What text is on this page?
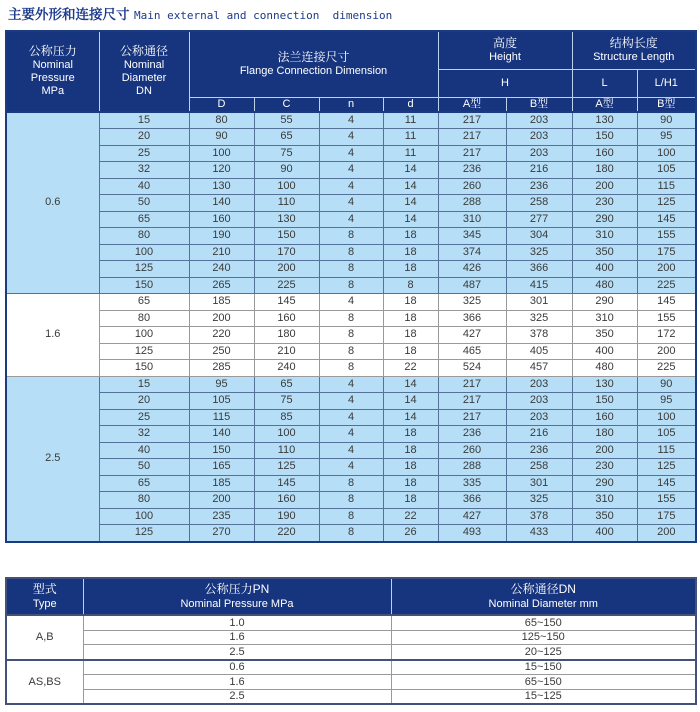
主要外形和连接尺寸 Main external and connection  dimension
公称压力
Nominal
Pressure
MPa	公称通径
Nominal
Diameter
DN	法兰连接尺寸
Flange Connection Dimension				高度
Height		结构长度
Structure Length	
						H		L	L/H1
		D	C	n	d	A型	B型	A型	B型
0.6	15	80	55	4	11	217	203	130	90
	20	90	65	4	11	217	203	150	95
	25	100	75	4	11	217	203	160	100
	32	120	90	4	14	236	216	180	105
	40	130	100	4	14	260	236	200	115
	50	140	110	4	14	288	258	230	125
	65	160	130	4	14	310	277	290	145
	80	190	150	8	18	345	304	310	155
	100	210	170	8	18	374	325	350	175
	125	240	200	8	18	426	366	400	200
	150	265	225	8	8	487	415	480	225
1.6	65	185	145	4	18	325	301	290	145
	80	200	160	8	18	366	325	310	155
	100	220	180	8	18	427	378	350	172
	125	250	210	8	18	465	405	400	200
	150	285	240	8	22	524	457	480	225
2.5	15	95	65	4	14	217	203	130	90
	20	105	75	4	14	217	203	150	95
	25	115	85	4	14	217	203	160	100
	32	140	100	4	18	236	216	180	105
	40	150	110	4	18	260	236	200	115
	50	165	125	4	18	288	258	230	125
	65	185	145	8	18	335	301	290	145
	80	200	160	8	18	366	325	310	155
	100	235	190	8	22	427	378	350	175
	125	270	220	8	26	493	433	400	200
型式
Type	公称压力PN
Nominal Pressure MPa	公称通径DN
Nominal Diameter mm
A,B	1.0	65~150
	1.6	125~150
	2.5	20~125
AS,BS	0.6	15~150
	1.6	65~150
	2.5	15~125
